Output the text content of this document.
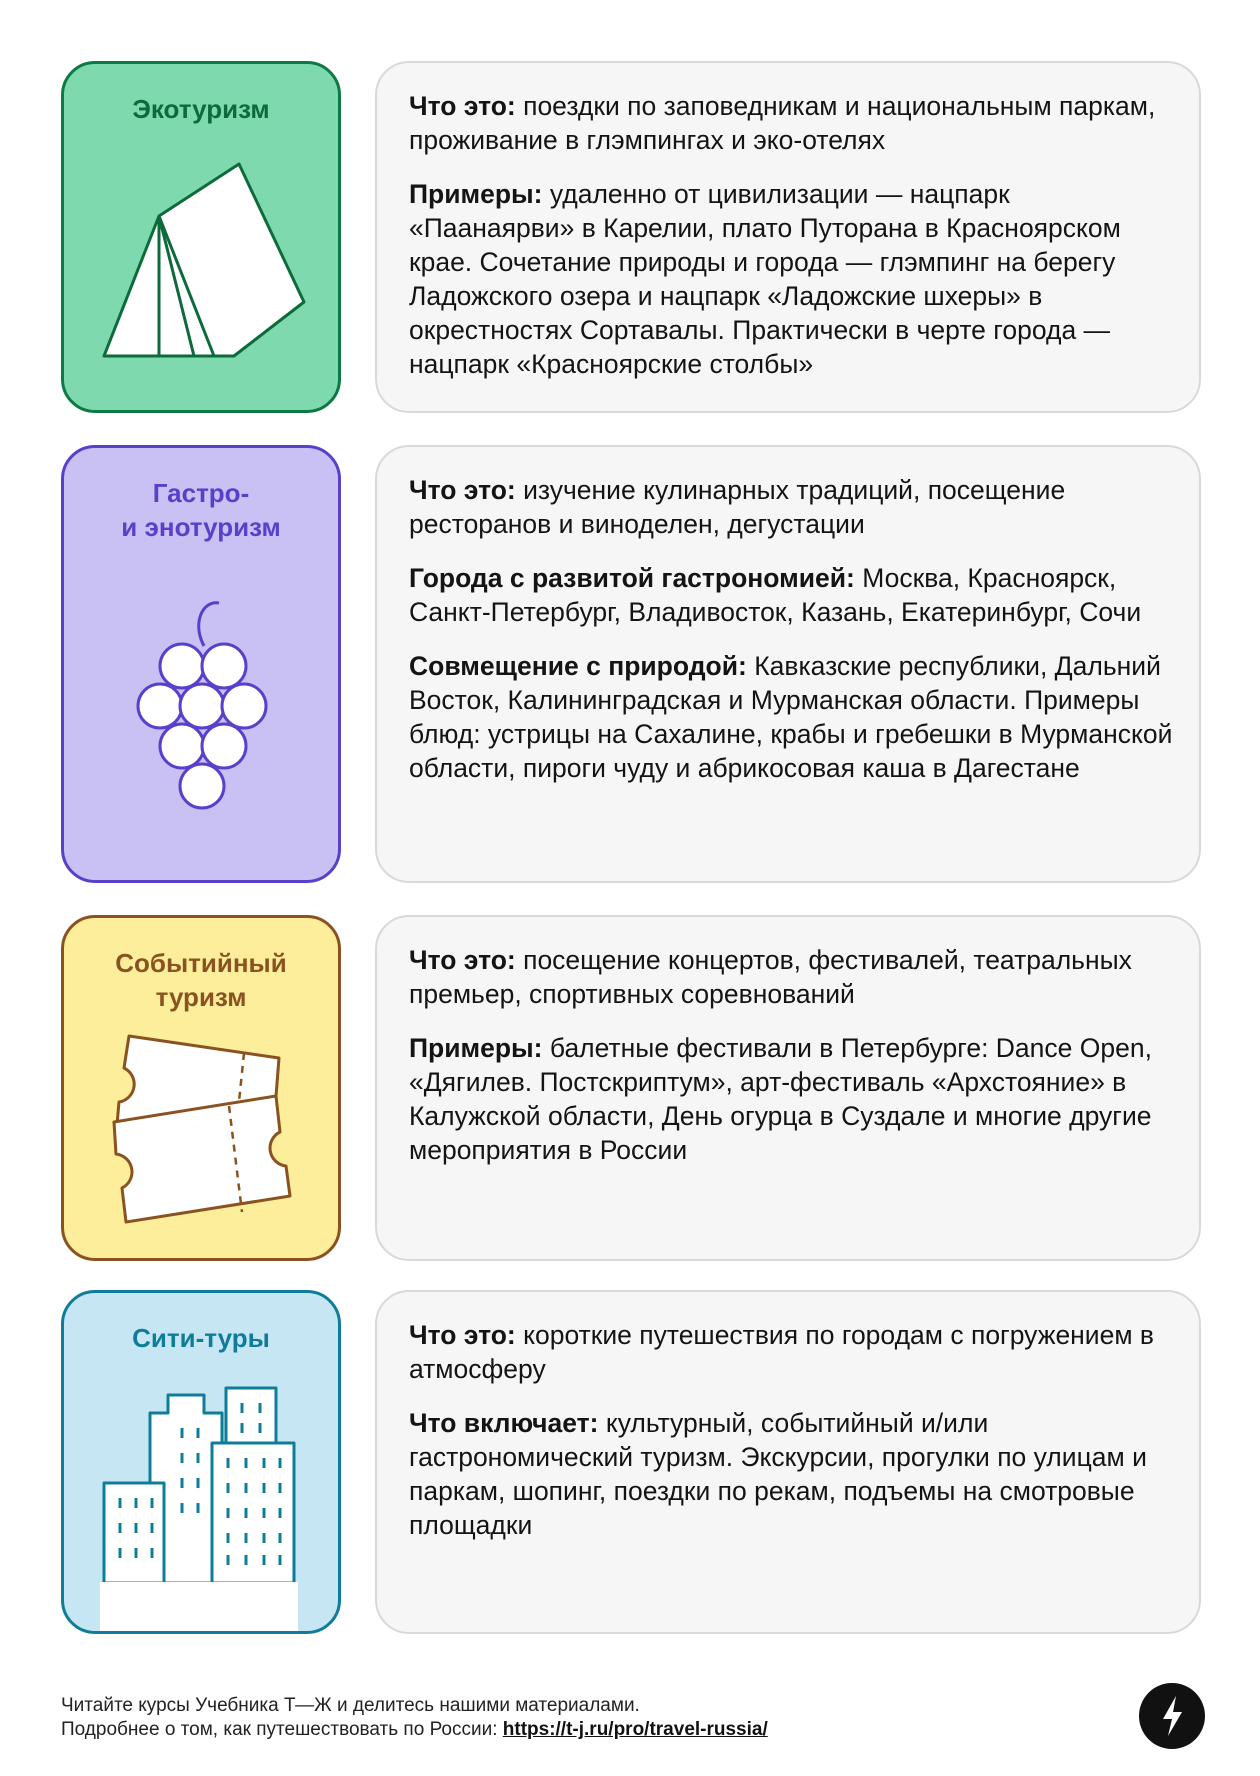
Экотуризм	Что это: поездки по заповедникам и национальным паркам, проживание в глэмпингах и эко-отелях

Примеры: удаленно от цивилизации — нацпарк «Паанаярви» в Карелии, плато Путорана в Красноярском крае. Сочетание природы и города — глэмпинг на берегу Ладожского озера и нацпарк «Ладожские шхеры» в окрестностях Сортавалы. Практически в черте города — нацпарк «Красноярские столбы»

Гастро-
и энотуризм

Что это: изучение кулинарных традиций, посещение ресторанов и виноделен, дегустации

Города с развитой гастрономией: Москва, Красноярск, Санкт-Петербург, Владивосток, Казань, Екатеринбург, Сочи

Совмещение с природой: Кавказские республики, Дальний Восток, Калининградская и Мурманская области. Примеры блюд: устрицы на Сахалине, крабы и гребешки в Мурманской области, пироги чуду и абрикосовая каша в Дагестане

Событийный
туризм

Что это: посещение концертов, фестивалей, театральных премьер, спортивных соревнований

Примеры: балетные фестивали в Петербурге: Dance Open, «Дягилев. Постскриптум», арт-фестиваль «Архстояние» в Калужской области, День огурца в Суздале и многие другие мероприятия в России

Сити-туры	Что это: короткие путешествия по городам с погружением в атмосферу

Что включает: культурный, событийный и/или гастрономический туризм. Экскурсии, прогулки по улицам и паркам, шопинг, поездки по рекам, подъемы на смотровые площадки

Читайте курсы Учебника Т—Ж и делитесь нашими материалами.
Подробнее о том, как путешествовать по России: https://t-j.ru/pro/travel-russia/
